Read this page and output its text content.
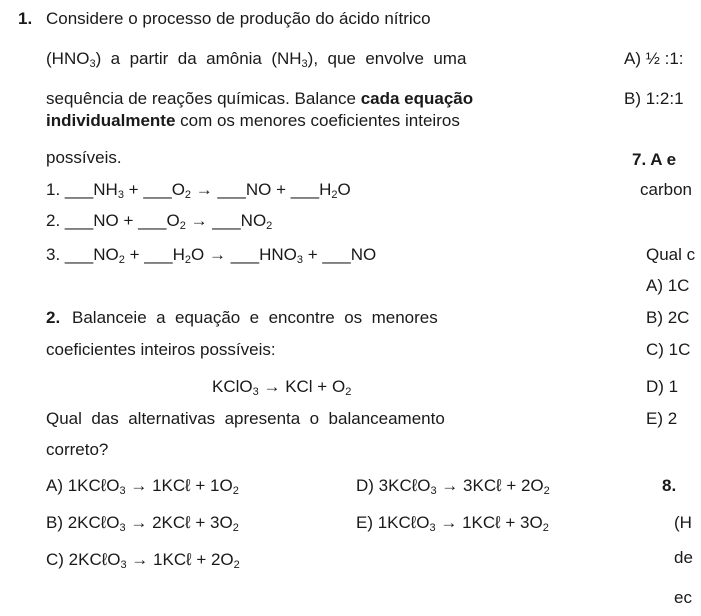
1. Considere o processo de produção do ácido nítrico
$(HNO_3)$  a  partir  da  amônia  $(NH_3)$,  que  envolve  uma
sequência de reações químicas. Balance cada equação
individualmente com os menores coeficientes inteiros
possíveis.
1. $\_\_\_NH_3$ + $\_\_\_O_2$ → ___NO + $\_\_\_H_2O$
2. ___NO + $\_\_\_O_2$ → $\_\_\_NO_2$
3. $\_\_\_NO_2$ + $\_\_\_H_2O$ → $\_\_\_HNO_3$ + ___NO
2. Balanceie  a  equação  e  encontre  os  menores
coeficientes inteiros possíveis:
KClO$_3$ → KCl + $O_2$
Qual  das  alternativas  apresenta  o  balanceamento
correto?
A) 1KCℓO$_3$ → 1KCℓ + $1O_2$	D) 3KCℓO$_3$ → 3KCℓ + $2O_2$
B) 2KCℓO$_3$ → 2KCℓ + $3O_2$	E) 1KCℓO$_3$ → 1KCℓ + $3O_2$
C) 2KCℓO$_3$ → 1KCℓ + $2O_2$
A) ½ :1:
B) 1:2:1
7. A e
carbon
Qual c
A) 1C
B) 2C
C) 1C
D) 1
E) 2
8.
(H
de
ec
